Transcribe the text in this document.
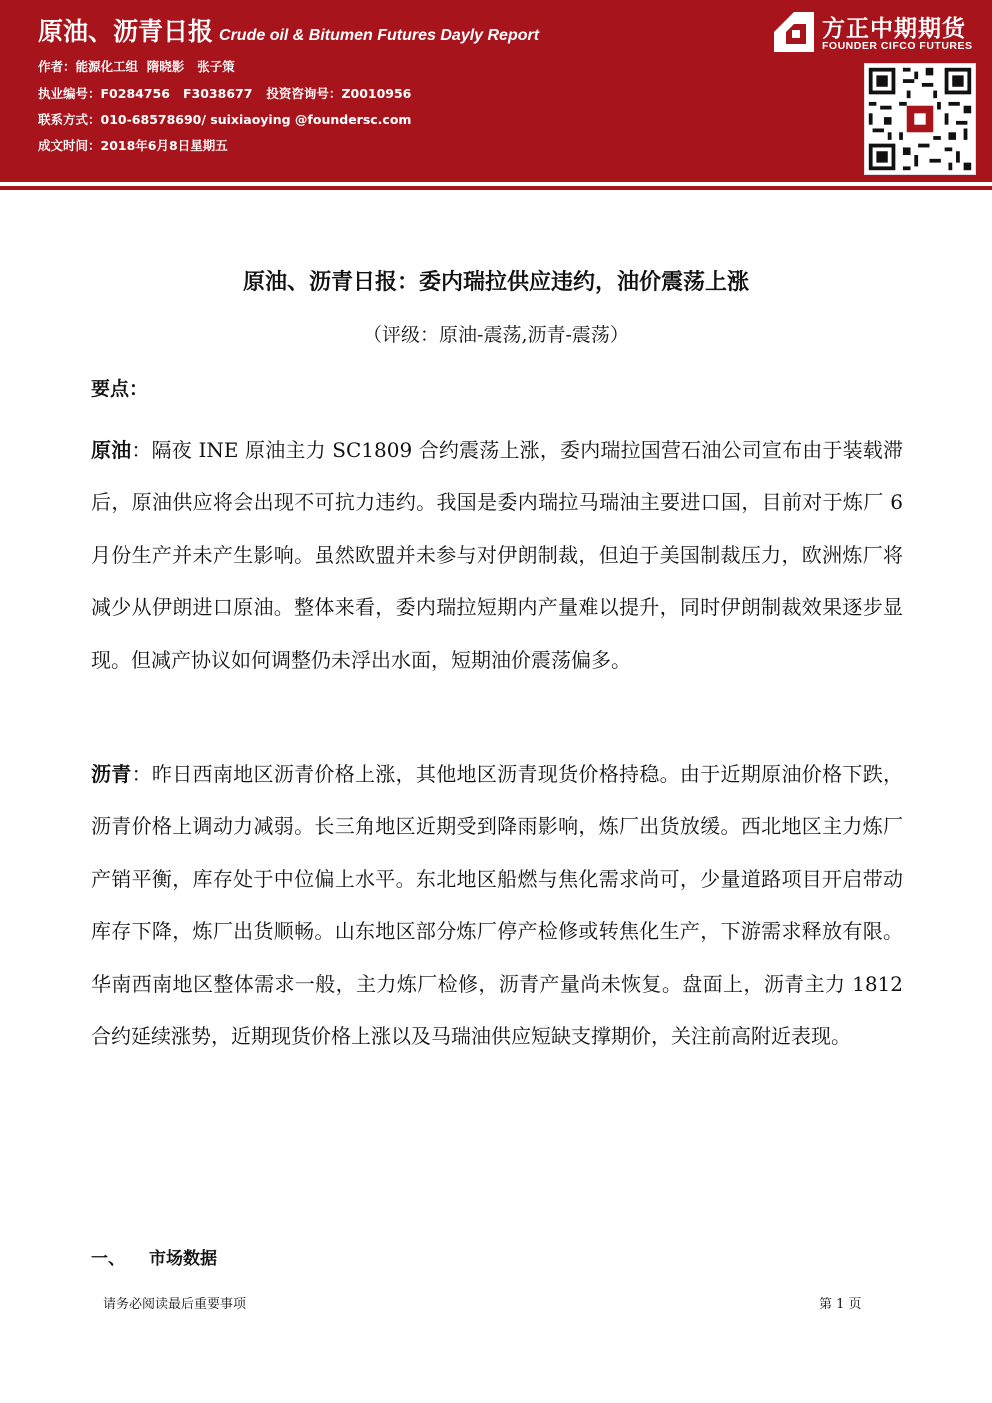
原油、沥青日报 Crude oil & Bitumen Futures Dayly Report
作者：能源化工组  隋晓影   张子策
执业编号：F0284756   F3038677 投资咨询号：Z0010956
联系方式：010-68578690/ suixiaoying @foundersc.com
成文时间：2018年6月8日星期五
方正中期期货
FOUNDER CIFCO FUTURES
原油、沥青日报：委内瑞拉供应违约，油价震荡上涨
（评级：原油-震荡,沥青-震荡）
要点：
原油：隔夜 INE 原油主力 SC1809 合约震荡上涨，委内瑞拉国营石油公司宣布由于装载滞后，原油供应将会出现不可抗力违约。我国是委内瑞拉马瑞油主要进口国，目前对于炼厂 6 月份生产并未产生影响。虽然欧盟并未参与对伊朗制裁，但迫于美国制裁压力，欧洲炼厂将减少从伊朗进口原油。整体来看，委内瑞拉短期内产量难以提升，同时伊朗制裁效果逐步显现。但减产协议如何调整仍未浮出水面，短期油价震荡偏多。
沥青：昨日西南地区沥青价格上涨，其他地区沥青现货价格持稳。由于近期原油价格下跌，沥青价格上调动力减弱。长三角地区近期受到降雨影响，炼厂出货放缓。西北地区主力炼厂产销平衡，库存处于中位偏上水平。东北地区船燃与焦化需求尚可，少量道路项目开启带动库存下降，炼厂出货顺畅。山东地区部分炼厂停产检修或转焦化生产，下游需求释放有限。华南西南地区整体需求一般，主力炼厂检修，沥青产量尚未恢复。盘面上，沥青主力 1812 合约延续涨势，近期现货价格上涨以及马瑞油供应短缺支撑期价，关注前高附近表现。
一、 市场数据
请务必阅读最后重要事项	第 1 页
